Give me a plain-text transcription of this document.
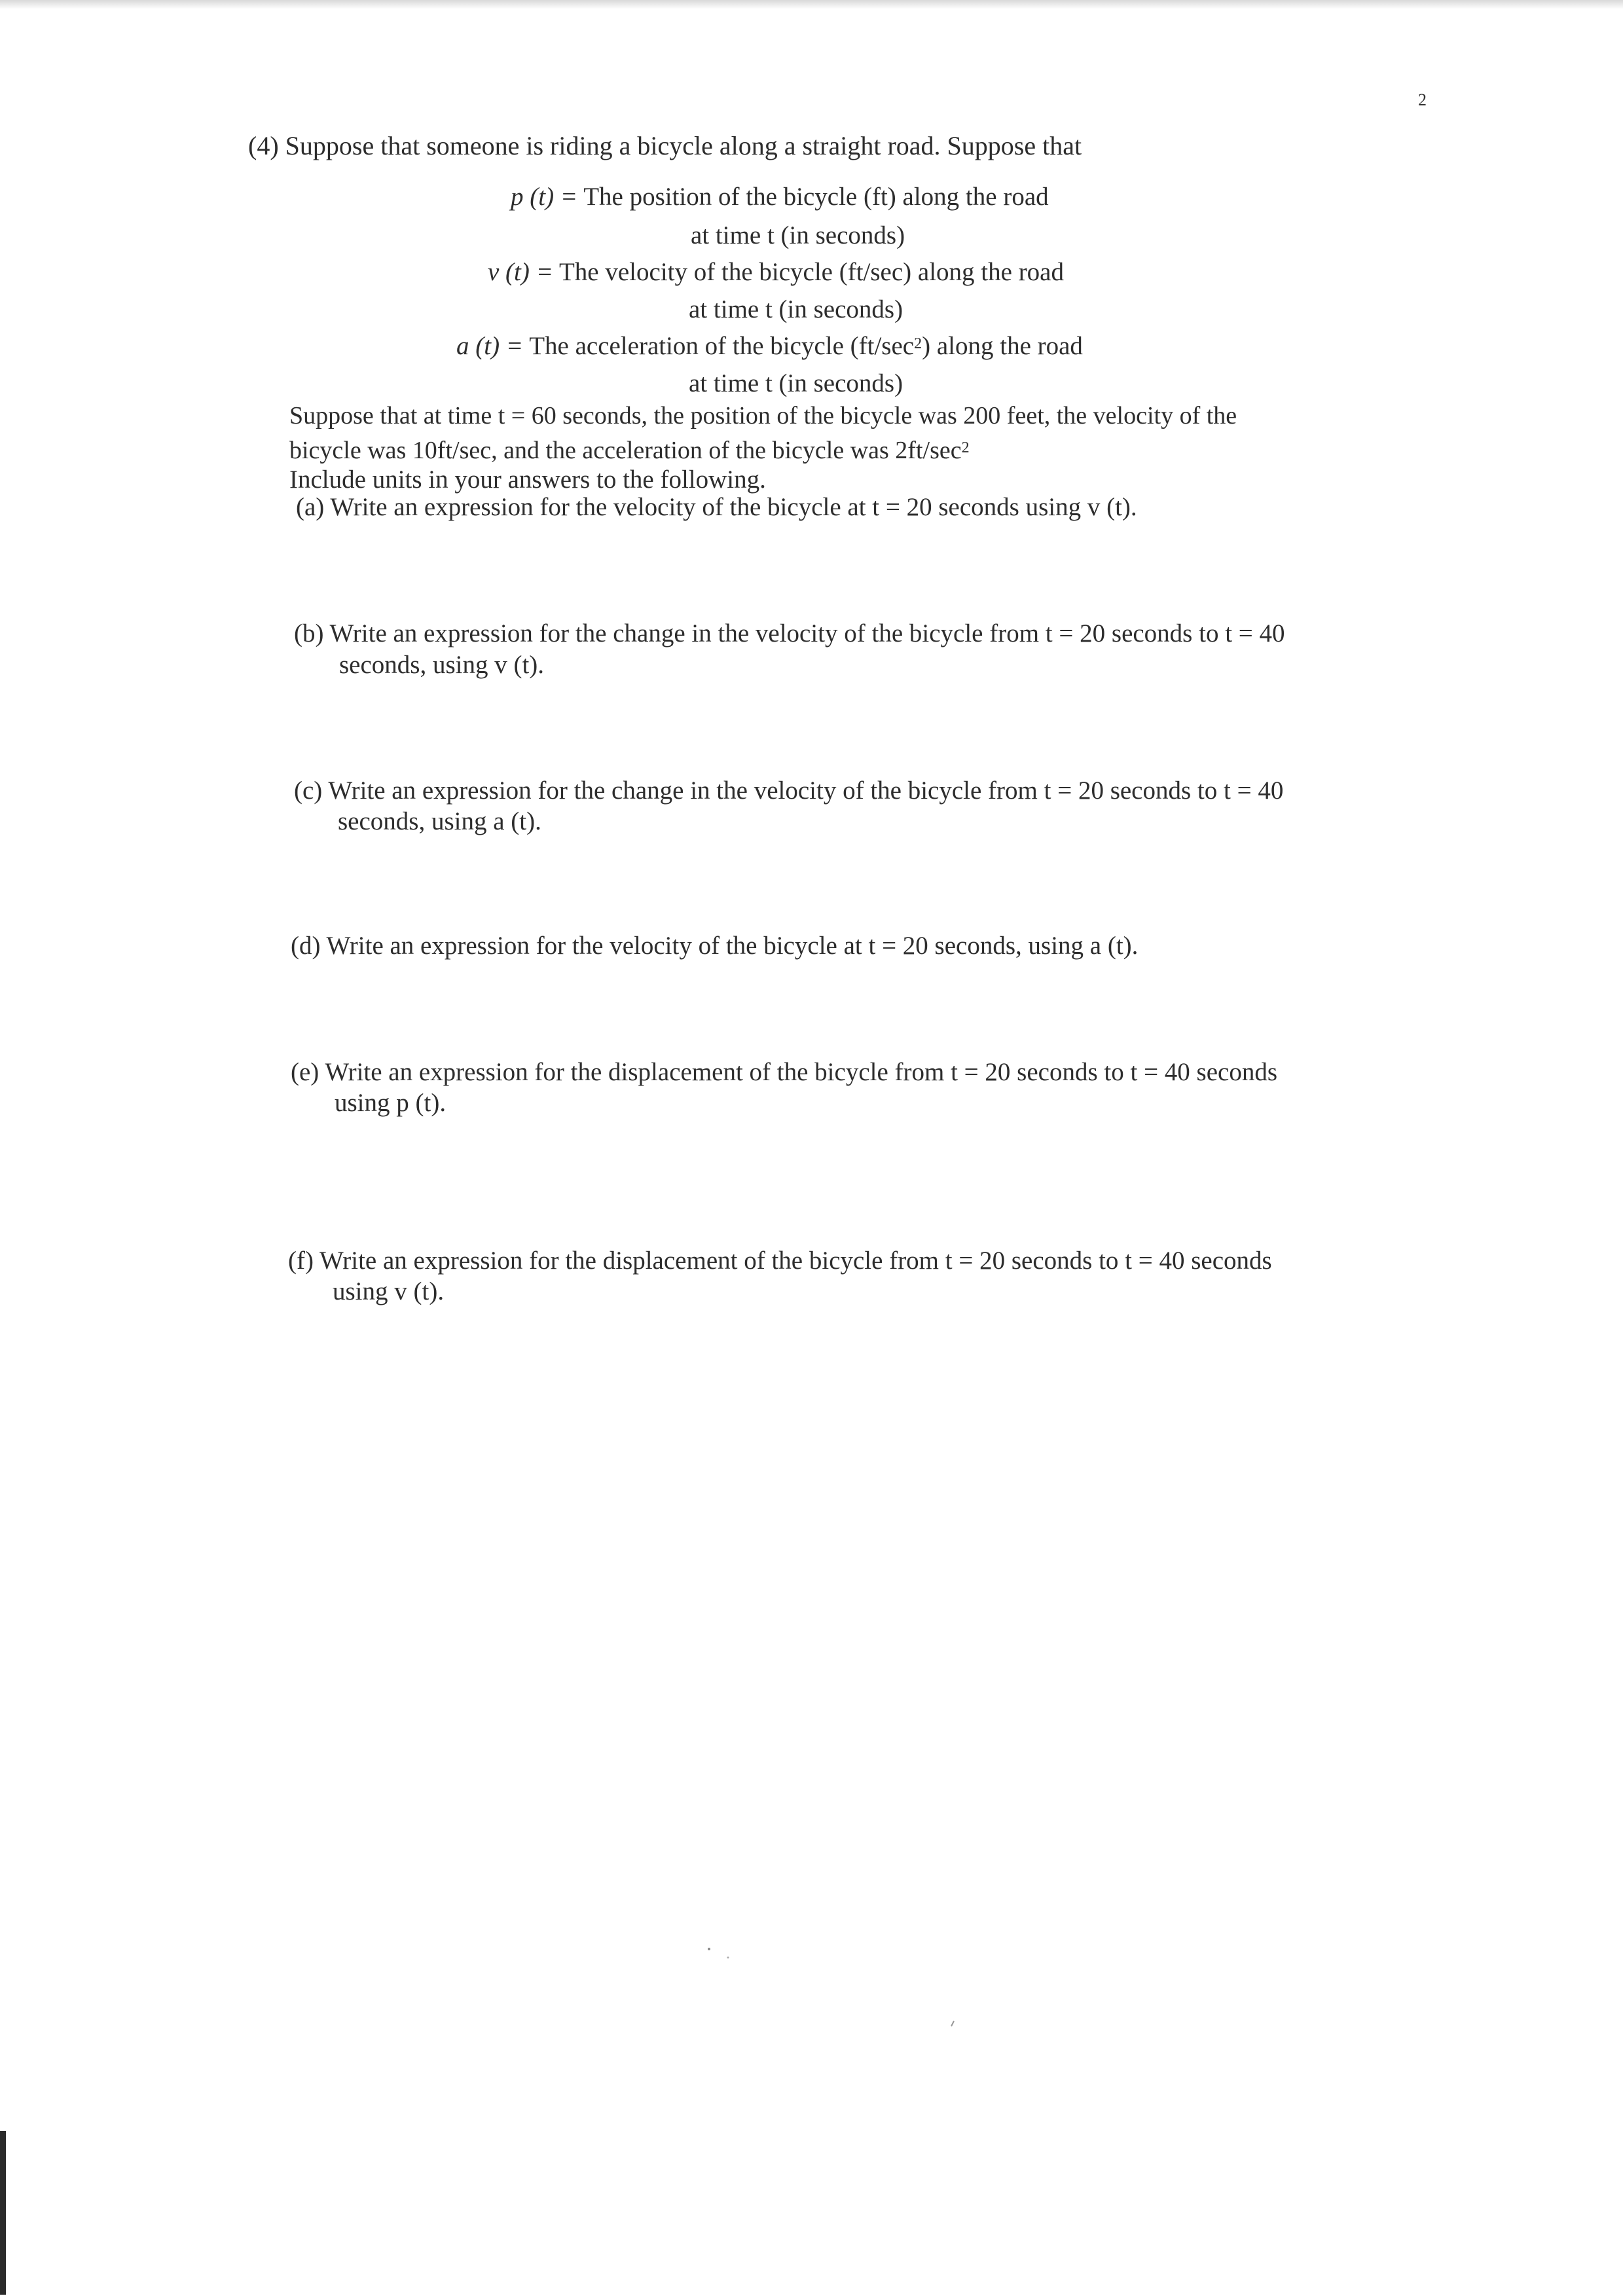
2
(4) Suppose that someone is riding a bicycle along a straight road. Suppose that
p (t) = The position of the bicycle (ft) along the road
at time t (in seconds)
v (t) = The velocity of the bicycle (ft/sec) along the road
at time t (in seconds)
a (t) = The acceleration of the bicycle $(ft/\sec^2)$ along the road
at time t (in seconds)
Suppose that at time t = 60 seconds, the position of the bicycle was 200 feet, the velocity of the
bicycle was 10ft/sec, and the acceleration of the bicycle was $2ft/\sec^2$
Include units in your answers to the following.
(a) Write an expression for the velocity of the bicycle at t = 20 seconds using v (t).
(b) Write an expression for the change in the velocity of the bicycle from t = 20 seconds to t = 40
seconds, using v (t).
(c) Write an expression for the change in the velocity of the bicycle from t = 20 seconds to t = 40
seconds, using a (t).
(d) Write an expression for the velocity of the bicycle at t = 20 seconds, using a (t).
(e) Write an expression for the displacement of the bicycle from t = 20 seconds to t = 40 seconds
using p (t).
(f) Write an expression for the displacement of the bicycle from t = 20 seconds to t = 40 seconds
using v (t).
